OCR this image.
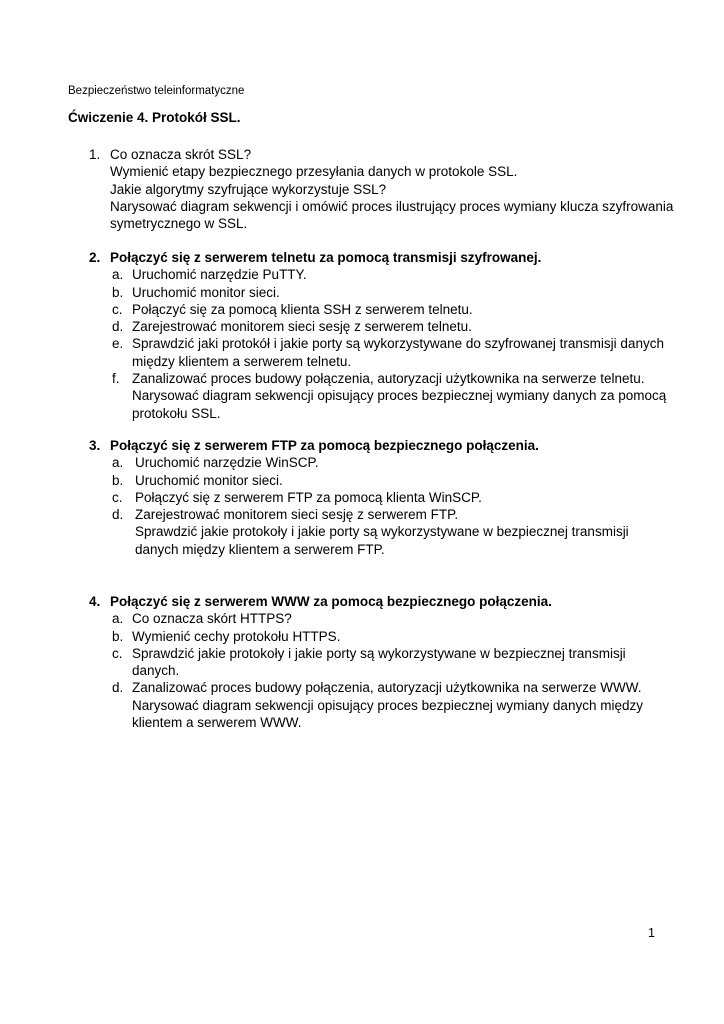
Bezpieczeństwo teleinformatyczne
Ćwiczenie 4. Protokół SSL.
1. Co oznacza skrót SSL?
Wymienić etapy bezpiecznego przesyłania danych w protokole SSL.
Jakie algorytmy szyfrujące wykorzystuje SSL?
Narysować diagram sekwencji i omówić proces ilustrujący proces wymiany klucza szyfrowania
symetrycznego w SSL.
2. Połączyć się z serwerem telnetu za pomocą transmisji szyfrowanej.
a. Uruchomić narzędzie PuTTY.
b. Uruchomić monitor sieci.
c. Połączyć się za pomocą klienta SSH z serwerem telnetu.
d. Zarejestrować monitorem sieci sesję z serwerem telnetu.
e. Sprawdzić jaki protokół i jakie porty są wykorzystywane do szyfrowanej transmisji danych
między klientem a serwerem telnetu.
f. Zanalizować proces budowy połączenia, autoryzacji użytkownika na serwerze telnetu.
Narysować diagram sekwencji opisujący proces bezpiecznej wymiany danych za pomocą
protokołu SSL.
3. Połączyć się z serwerem FTP za pomocą bezpiecznego połączenia.
a. Uruchomić narzędzie WinSCP.
b. Uruchomić monitor sieci.
c. Połączyć się z serwerem FTP za pomocą klienta WinSCP.
d. Zarejestrować monitorem sieci sesję z serwerem FTP.
Sprawdzić jakie protokoły i jakie porty są wykorzystywane w bezpiecznej transmisji
danych między klientem a serwerem FTP.
4. Połączyć się z serwerem WWW za pomocą bezpiecznego połączenia.
a. Co oznacza skórt HTTPS?
b. Wymienić cechy protokołu HTTPS.
c. Sprawdzić jakie protokoły i jakie porty są wykorzystywane w bezpiecznej transmisji
danych.
d. Zanalizować proces budowy połączenia, autoryzacji użytkownika na serwerze WWW.
Narysować diagram sekwencji opisujący proces bezpiecznej wymiany danych między
klientem a serwerem WWW.
1
